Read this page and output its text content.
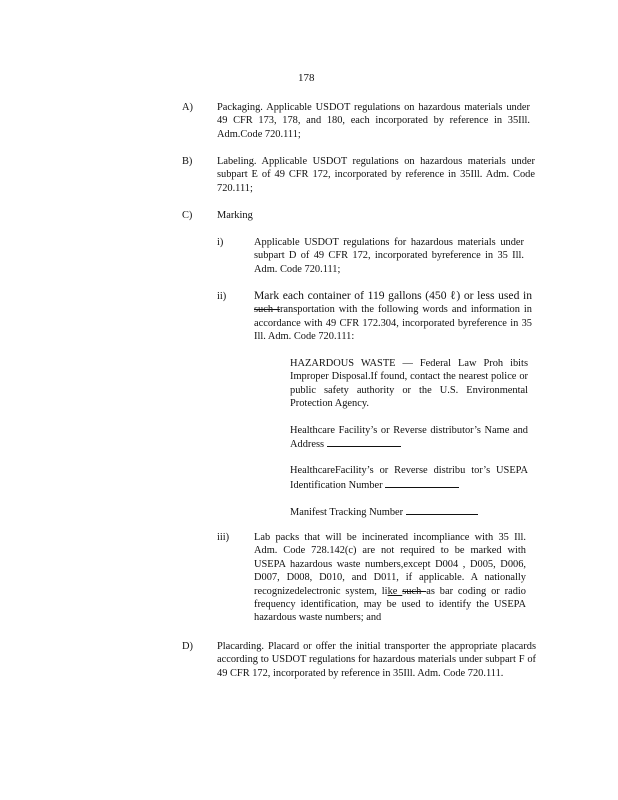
178
A) Packaging. Applicable USDOT regulations on hazardous materials under 49 CFR 173, 178, and 180, each incorporated by reference in 35Ill. Adm.Code 720.111;
B) Labeling. Applicable USDOT regulations on hazardous materials under subpart E of 49 CFR 172, incorporated by reference in 35Ill. Adm. Code 720.111;
C) Marking
i)	Applicable USDOT regulations for hazardous materials under subpart D of 49 CFR 172, incorporated byreference in 35 Ill. Adm. Code 720.111;
ii) Mark each container of 119 gallons (450 ℓ) or less used in such transportation with the following words and information in accordance with 49 CFR 172.304, incorporated byreference in 35 Ill. Adm. Code 720.111:

HAZARDOUS WASTE — Federal Law Proh ibits Improper Disposal.If found, contact the nearest police or public safety authority or the U.S. Environmental Protection Agency.

Healthcare Facility’s or Reverse distributor’s Name and Address

HealthcareFacility’s or Reverse distribu tor’s USEPA Identification Number

Manifest Tracking Number

iii) Lab packs that will be incinerated incompliance with 35 Ill. Adm. Code 728.142(c) are not required to be marked with USEPA hazardous waste numbers,except D004 , D005, D006, D007, D008, D010, and D011, if applicable. A nationally recognizedelectronic system, like such as bar coding or radio frequency identification, may be used to identify the USEPA hazardous waste numbers; and
D) Placarding. Placard or offer the initial transporter the appropriate placards according to USDOT regulations for hazardous materials under subpart F of 49 CFR 172, incorporated by reference in 35Ill. Adm. Code 720.111.
